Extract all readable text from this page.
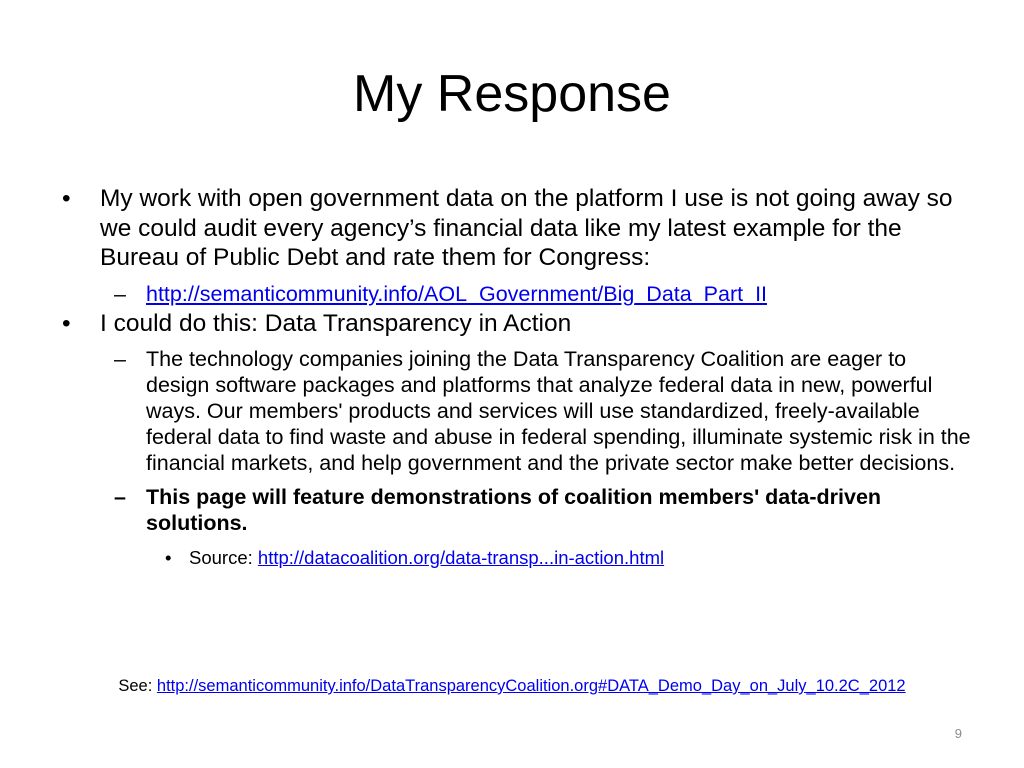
My Response
•	My work with open government data on the platform I use is not going away so we could audit every agency’s financial data like my latest example for the Bureau of Public Debt and rate them for Congress:
– http://semanticommunity.info/AOL_Government/Big_Data_Part_II
•	I could do this: Data Transparency in Action
– The technology companies joining the Data Transparency Coalition are eager to design software packages and platforms that analyze federal data in new, powerful ways. Our members' products and services will use standardized, freely-available federal data to find waste and abuse in federal spending, illuminate systemic risk in the financial markets, and help government and the private sector make better decisions.
– This page will feature demonstrations of coalition members' data-driven solutions.
• Source: http://datacoalition.org/data-transp...in-action.html
See: http://semanticommunity.info/DataTransparencyCoalition.org#DATA_Demo_Day_on_July_10.2C_2012
9
